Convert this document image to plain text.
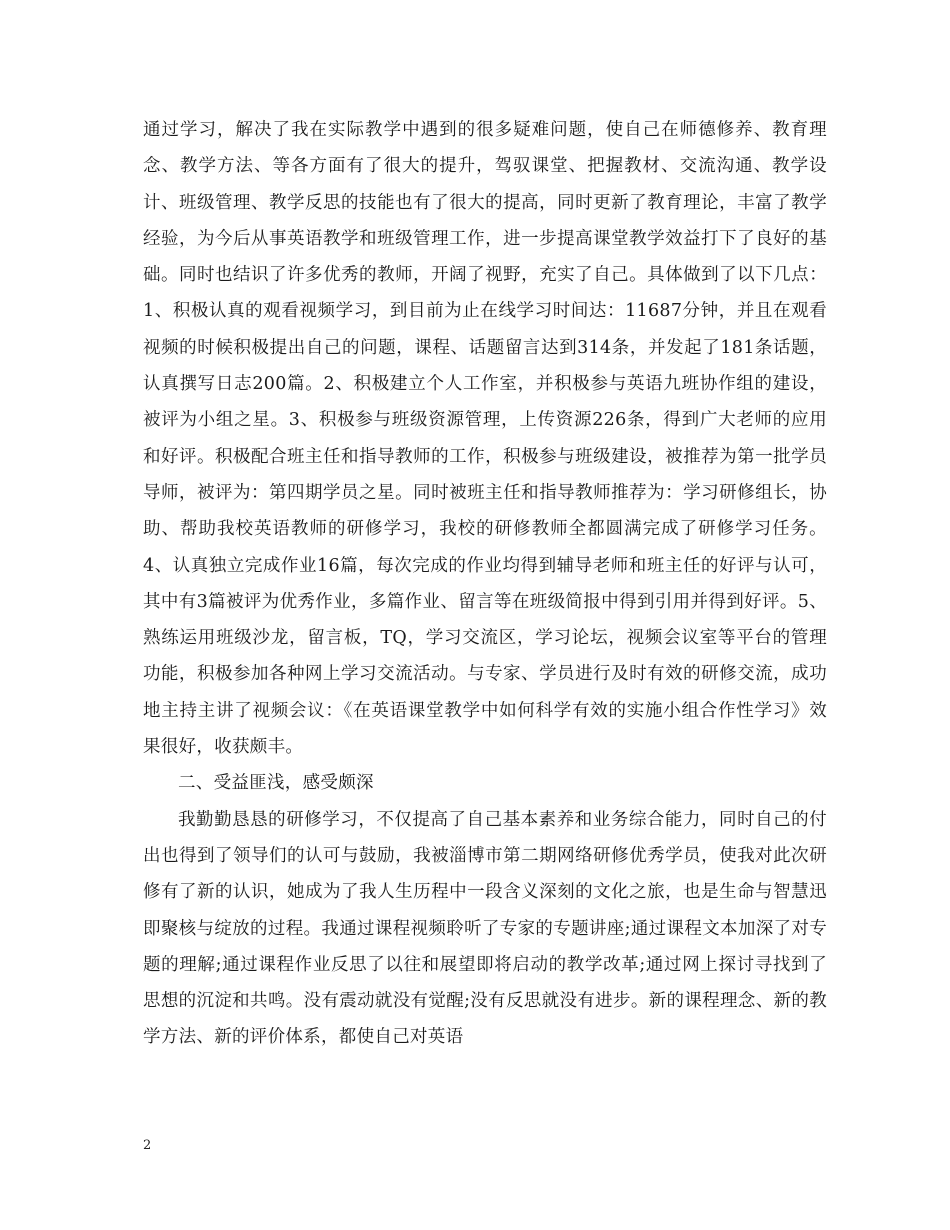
通过学习，解决了我在实际教学中遇到的很多疑难问题，使自己在师德修养、教育理念、教学方法、等各方面有了很大的提升，驾驭课堂、把握教材、交流沟通、教学设计、班级管理、教学反思的技能也有了很大的提高，同时更新了教育理论，丰富了教学经验，为今后从事英语教学和班级管理工作，进一步提高课堂教学效益打下了良好的基础。同时也结识了许多优秀的教师，开阔了视野，充实了自己。具体做到了以下几点：1、积极认真的观看视频学习，到目前为止在线学习时间达：11687分钟，并且在观看视频的时候积极提出自己的问题，课程、话题留言达到314条，并发起了181条话题，认真撰写日志200篇。2、积极建立个人工作室，并积极参与英语九班协作组的建设，被评为小组之星。3、积极参与班级资源管理，上传资源226条，得到广大老师的应用和好评。积极配合班主任和指导教师的工作，积极参与班级建设，被推荐为第一批学员导师，被评为：第四期学员之星。同时被班主任和指导教师推荐为：学习研修组长，协助、帮助我校英语教师的研修学习，我校的研修教师全都圆满完成了研修学习任务。4、认真独立完成作业16篇，每次完成的作业均得到辅导老师和班主任的好评与认可，其中有3篇被评为优秀作业，多篇作业、留言等在班级简报中得到引用并得到好评。5、熟练运用班级沙龙，留言板，TQ，学习交流区，学习论坛，视频会议室等平台的管理功能，积极参加各种网上学习交流活动。与专家、学员进行及时有效的研修交流，成功地主持主讲了视频会议：《在英语课堂教学中如何科学有效的实施小组合作性学习》效果很好，收获颇丰。

二、受益匪浅，感受颇深

我勤勤恳恳的研修学习，不仅提高了自己基本素养和业务综合能力，同时自己的付出也得到了领导们的认可与鼓励，我被淄博市第二期网络研修优秀学员，使我对此次研修有了新的认识，她成为了我人生历程中一段含义深刻的文化之旅，也是生命与智慧迅即聚核与绽放的过程。我通过课程视频聆听了专家的专题讲座;通过课程文本加深了对专题的理解;通过课程作业反思了以往和展望即将启动的教学改革;通过网上探讨寻找到了思想的沉淀和共鸣。没有震动就没有觉醒;没有反思就没有进步。新的课程理念、新的教学方法、新的评价体系，都使自己对英语

2
